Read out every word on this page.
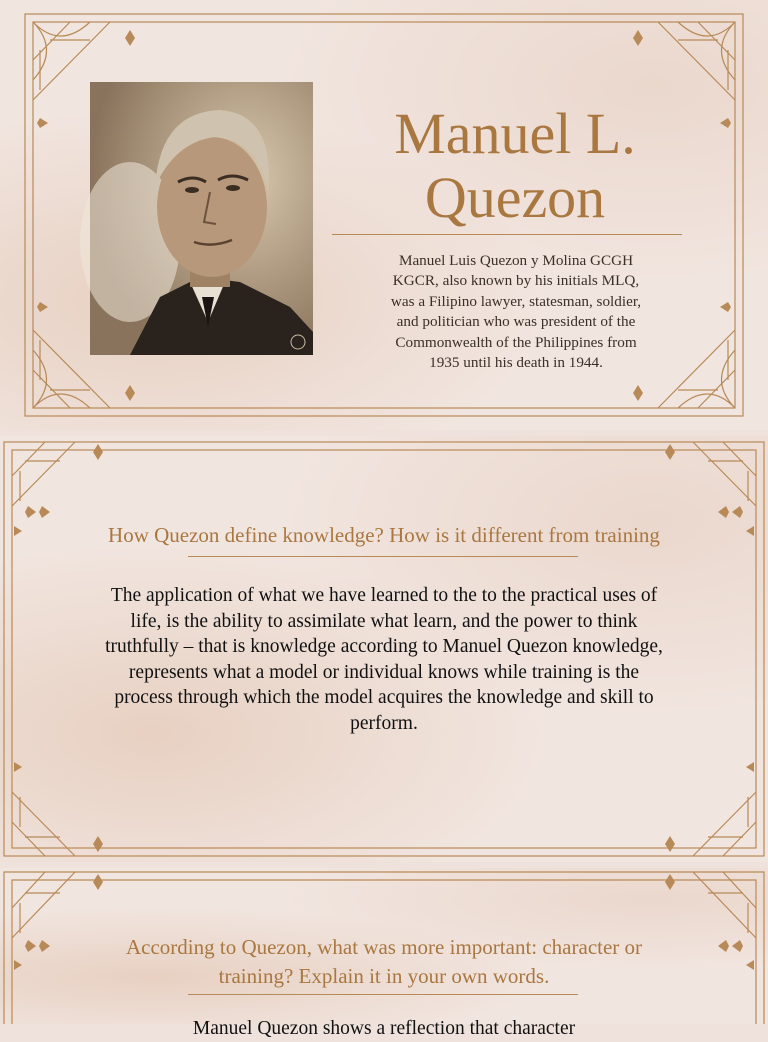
Manuel L.
Quezon
Manuel Luis Quezon y Molina GCGH KGCR, also known by his initials MLQ, was a Filipino lawyer, statesman, soldier, and politician who was president of the Commonwealth of the Philippines from 1935 until his death in 1944.
How Quezon define knowledge? How is it different from training
The application of what we have learned to the to the practical uses of life, is the ability to assimilate what learn, and the power to think truthfully – that is knowledge according to Manuel Quezon knowledge, represents what a model or individual knows while training is the process through which the model acquires the knowledge and skill to perform.
According to Quezon, what was more important: character or training? Explain it in your own words.
Manuel Quezon shows a reflection that character
